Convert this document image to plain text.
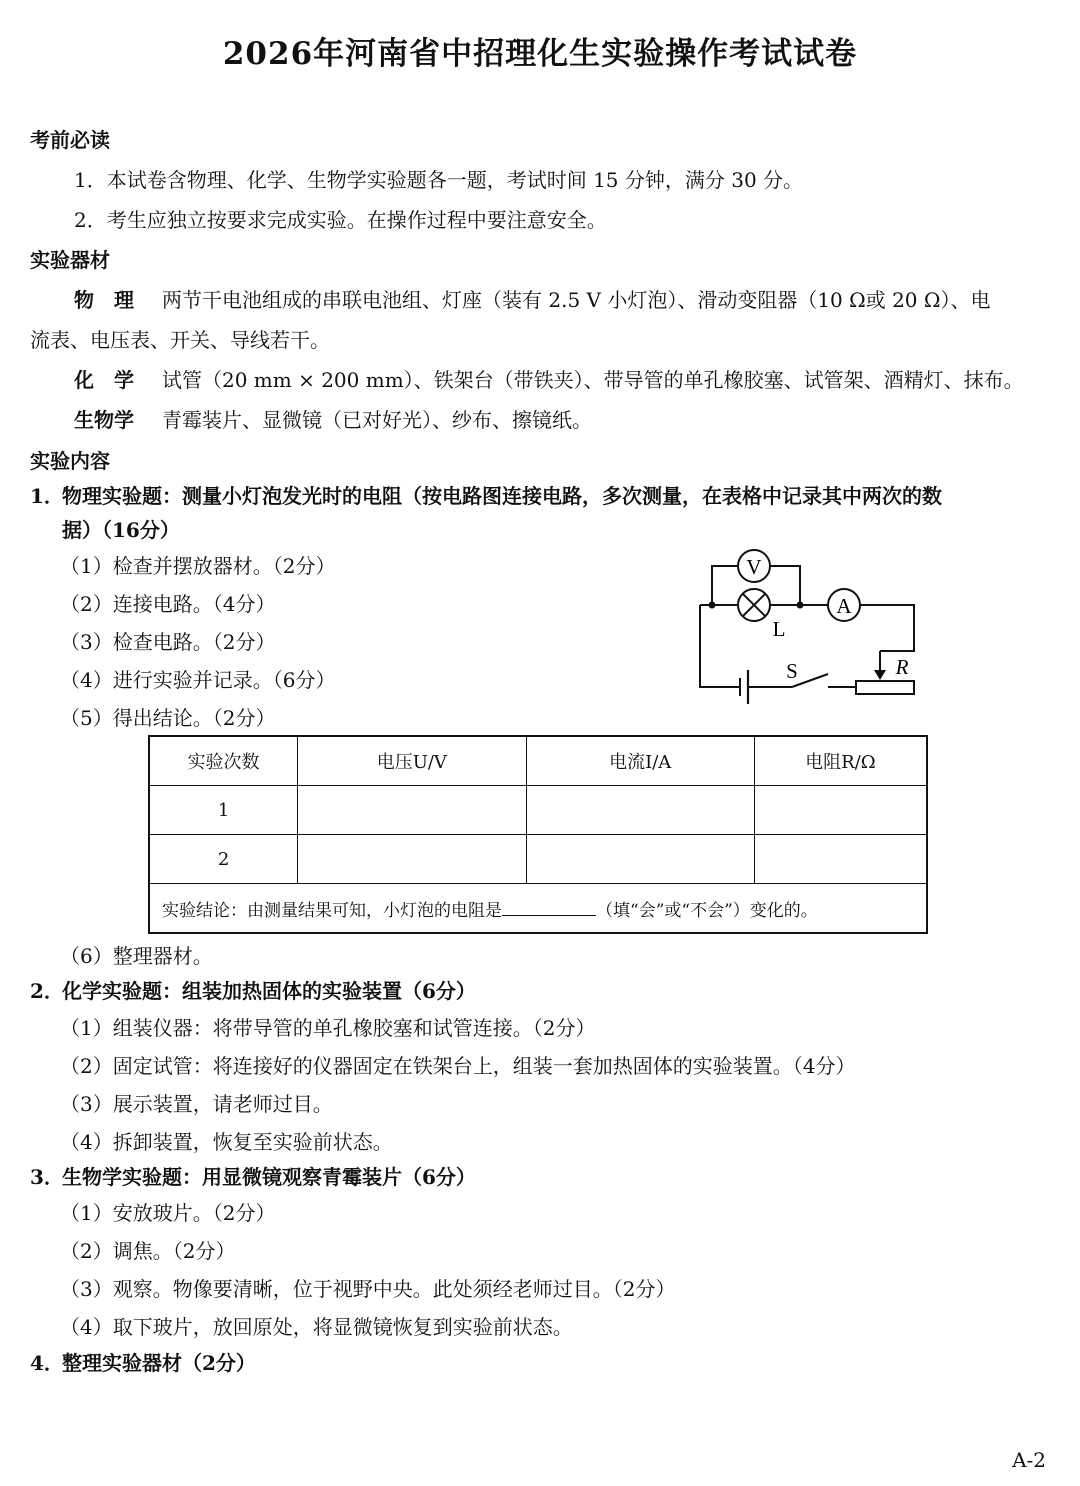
2026年河南省中招理化生实验操作考试试卷
考前必读
1．本试卷含物理、化学、生物学实验题各一题，考试时间 15 分钟，满分 30 分。
2．考生应独立按要求完成实验。在操作过程中要注意安全。
实验器材
物　理 两节干电池组成的串联电池组、灯座（装有 2.5 V 小灯泡）、滑动变阻器（10 Ω或 20 Ω）、电
流表、电压表、开关、导线若干。
化　学 试管（20 mm × 200 mm）、铁架台（带铁夹）、带导管的单孔橡胶塞、试管架、酒精灯、抹布。
生物学 青霉装片、显微镜（已对好光）、纱布、擦镜纸。
实验内容
1．物理实验题：测量小灯泡发光时的电阻（按电路图连接电路，多次测量，在表格中记录其中两次的数
据）（16分）
（1）检查并摆放器材。（2分）
（2）连接电路。（4分）
（3）检查电路。（2分）
（4）进行实验并记录。（6分）
（5）得出结论。（2分）
V
L
A
S	R
实验次数	电压U/V	电流I/A	电阻R/Ω
1			
2			
实验结论：由测量结果可知，小灯泡的电阻是 （填“会”或“不会”）变化的。			
（6）整理器材。
2．化学实验题：组装加热固体的实验装置（6分）
（1）组装仪器：将带导管的单孔橡胶塞和试管连接。（2分）
（2）固定试管：将连接好的仪器固定在铁架台上，组装一套加热固体的实验装置。（4分）
（3）展示装置，请老师过目。
（4）拆卸装置，恢复至实验前状态。
3．生物学实验题：用显微镜观察青霉装片（6分）
（1）安放玻片。（2分）
（2）调焦。（2分）
（3）观察。物像要清晰，位于视野中央。此处须经老师过目。（2分）
（4）取下玻片，放回原处，将显微镜恢复到实验前状态。
4．整理实验器材（2分）
A-2
